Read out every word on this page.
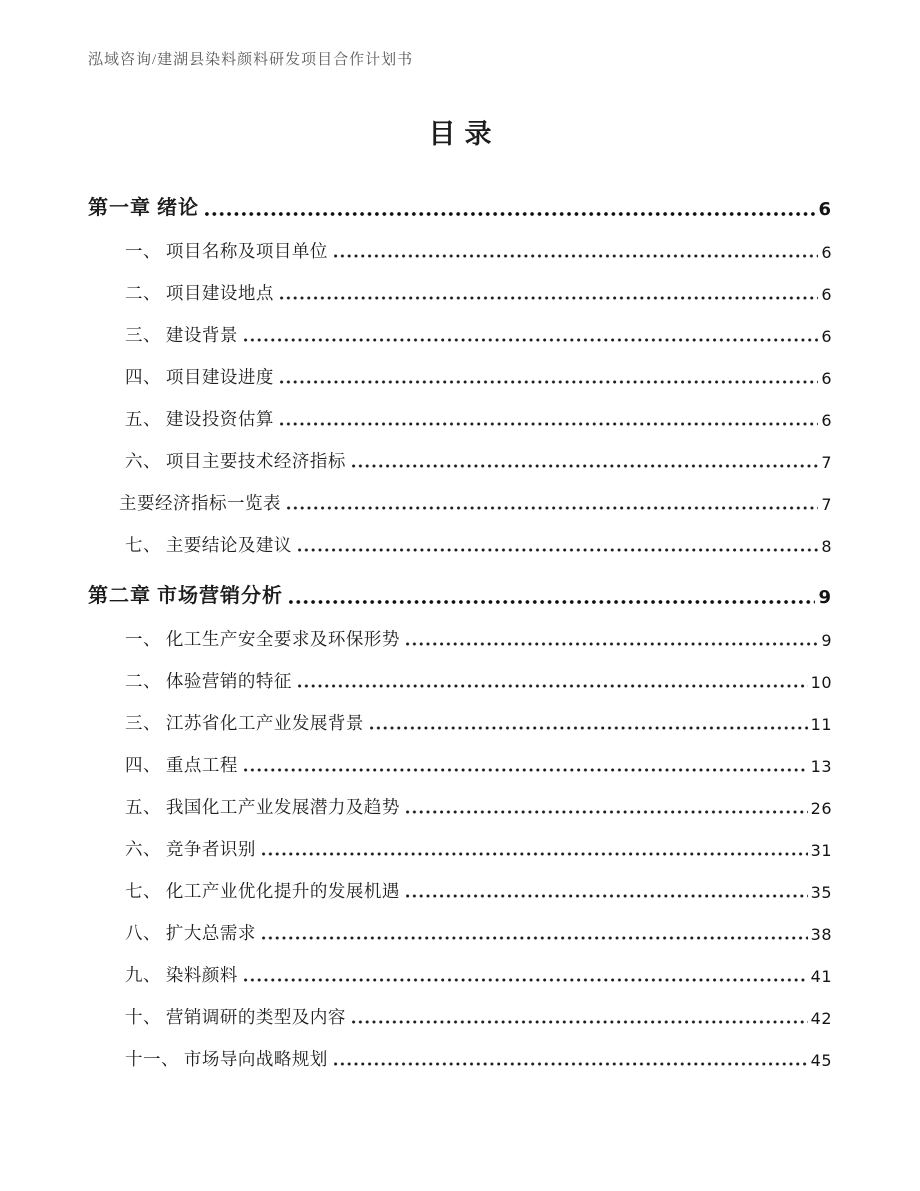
泓域咨询/建湖县染料颜料研发项目合作计划书
目录
第一章 绪论	6
一、 项目名称及项目单位	6
二、 项目建设地点	6
三、 建设背景	6
四、 项目建设进度	6
五、 建设投资估算	6
六、 项目主要技术经济指标	7
主要经济指标一览表	7
七、 主要结论及建议	8
第二章 市场营销分析	9
一、 化工生产安全要求及环保形势	9
二、 体验营销的特征	10
三、 江苏省化工产业发展背景	11
四、 重点工程	13
五、 我国化工产业发展潜力及趋势	26
六、 竞争者识别	31
七、 化工产业优化提升的发展机遇	35
八、 扩大总需求	38
九、 染料颜料	41
十、 营销调研的类型及内容	42
十一、 市场导向战略规划	45
